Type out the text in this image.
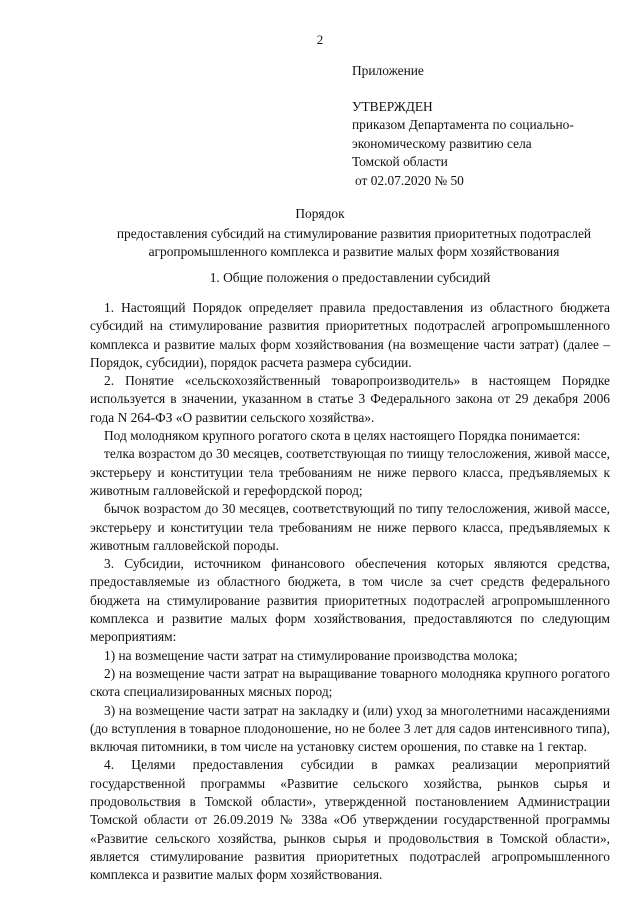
2
Приложение
УТВЕРЖДЕН
приказом Департамента по социально-
экономическому развитию села
Томской области
от 02.07.2020 № 50
Порядок
предоставления субсидий на стимулирование развития приоритетных подотраслей агропромышленного комплекса и развитие малых форм хозяйствования
1. Общие положения о предоставлении субсидий

1. Настоящий Порядок определяет правила предоставления из областного бюджета субсидий на стимулирование развития приоритетных подотраслей агропромышленного комплекса и развитие малых форм хозяйствования (на возмещение части затрат) (далее – Порядок, субсидии), порядок расчета размера субсидии.

2. Понятие «сельскохозяйственный товаропроизводитель» в настоящем Порядке используется в значении, указанном в статье 3 Федерального закона от 29 декабря 2006 года N 264-ФЗ «О развитии сельского хозяйства».

Под молодняком крупного рогатого скота в целях настоящего Порядка понимается:

телка возрастом до 30 месяцев, соответствующая по тиищу телосложения, живой массе, экстерьеру и конституции тела требованиям не ниже первого класса, предъявляемых к животным галловейской и герефордской пород;

бычок возрастом до 30 месяцев, соответствующий по типу телосложения, живой массе, экстерьеру и конституции тела требованиям не ниже первого класса, предъявляемых к животным галловейской породы.

3. Субсидии, источником финансового обеспечения которых являются средства, предоставляемые из областного бюджета, в том числе за счет средств федерального бюджета на стимулирование развития приоритетных подотраслей агропромышленного комплекса и развитие малых форм хозяйствования, предоставляются по следующим мероприятиям:

1) на возмещение части затрат на стимулирование производства молока;

2) на возмещение части затрат на выращивание товарного молодняка крупного рогатого скота специализированных мясных пород;

3) на возмещение части затрат на закладку и (или) уход за многолетними насаждениями (до вступления в товарное плодоношение, но не более 3 лет для садов интенсивного типа), включая питомники, в том числе на установку систем орошения, по ставке на 1 гектар.

4. Целями предоставления субсидии в рамках реализации мероприятий государственной программы «Развитие сельского хозяйства, рынков сырья и продовольствия в Томской области», утвержденной постановлением Администрации Томской области от 26.09.2019 № 338а «Об утверждении государственной программы «Развитие сельского хозяйства, рынков сырья и продовольствия в Томской области», является стимулирование развития приоритетных подотраслей агропромышленного комплекса и развитие малых форм хозяйствования.
